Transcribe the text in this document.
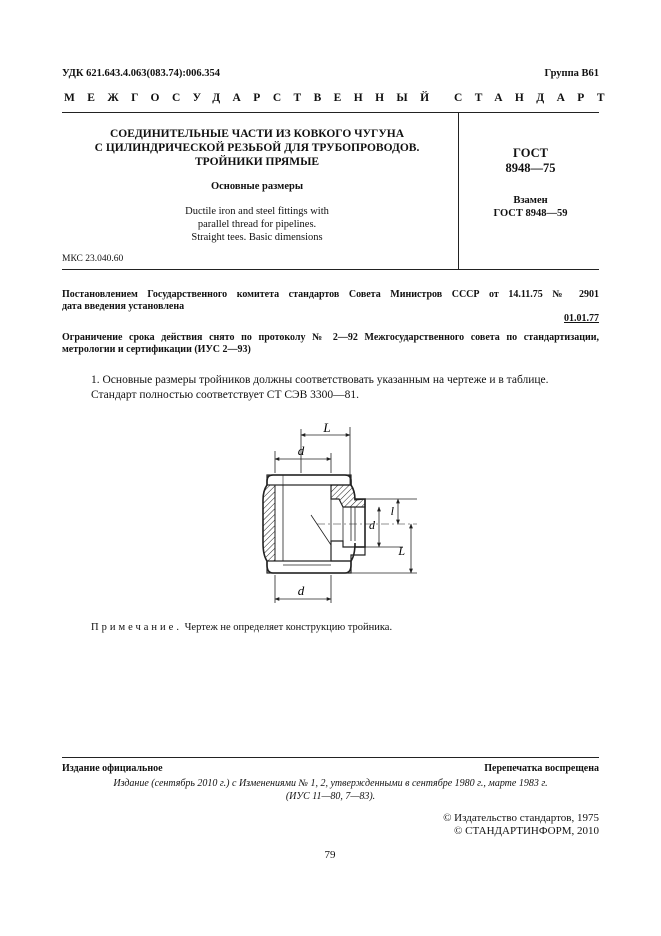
УДК 621.643.4.063(083.74):006.354	Группа В61
МЕЖГОСУДАРСТВЕННЫЙ СТАНДАРТ
СОЕДИНИТЕЛЬНЫЕ ЧАСТИ ИЗ КОВКОГО ЧУГУНА
С ЦИЛИНДРИЧЕСКОЙ РЕЗЬБОЙ ДЛЯ ТРУБОПРОВОДОВ.
ТРОЙНИКИ ПРЯМЫЕ
Основные размеры
Ductile iron and steel fittings with
parallel thread for pipelines.
Straight tees. Basic dimensions
ГОСТ
8948—75
Взамен
ГОСТ 8948—59
МКС 23.040.60
Постановлением Государственного комитета стандартов Совета Министров СССР от 14.11.75 № 2901
дата введения установлена
01.01.77
Ограничение срока действия снято по протоколу № 2—92 Межгосударственного совета по стандартизации,
метрологии и сертификации (ИУС 2—93)
1. Основные размеры тройников должны соответствовать указанным на чертеже и в таблице.
Стандарт полностью соответствует СТ СЭВ 3300—81.
L
d
l
d
L
d
Примечание. Чертеж не определяет конструкцию тройника.
Издание официальное	Перепечатка воспрещена
Издание (сентябрь 2010 г.) с Изменениями № 1, 2, утвержденными в сентябре 1980 г., марте 1983 г.
(ИУС 11—80, 7—83).
© Издательство стандартов, 1975
© СТАНДАРТИНФОРМ, 2010
79
